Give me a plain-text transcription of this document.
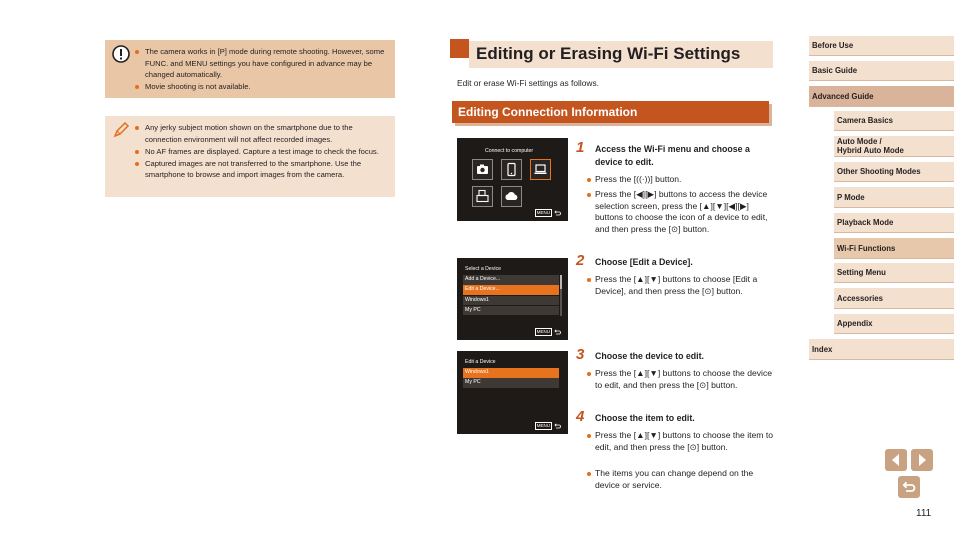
The camera works in [P] mode during remote shooting. However, some FUNC. and MENU settings you have configured in advance may be changed automatically.
Movie shooting is not available.
Any jerky subject motion shown on the smartphone due to the connection environment will not affect recorded images.
No AF frames are displayed. Capture a test image to check the focus.
Captured images are not transferred to the smartphone. Use the smartphone to browse and import images from the camera.
Editing or Erasing Wi-Fi Settings
Edit or erase Wi-Fi settings as follows.
Editing Connection Information
Connect to computer
MENU
Select a Device
Add a Device...
Edit a Device...
Windows1
My PC
MENU
Edit a Device
Windows1
My PC
MENU
1 Access the Wi-Fi menu and choose a device to edit.
Press the [((·))] button.
Press the [◀][▶] buttons to access the device selection screen, press the [▲][▼][◀][▶] buttons to choose the icon of a device to edit, and then press the [⊙] button.
2 Choose [Edit a Device].
Press the [▲][▼] buttons to choose [Edit a Device], and then press the [⊙] button.
3 Choose the device to edit.
Press the [▲][▼] buttons to choose the device to edit, and then press the [⊙] button.
4 Choose the item to edit.
Press the [▲][▼] buttons to choose the item to edit, and then press the [⊙] button.
The items you can change depend on the device or service.
Before Use
Basic Guide
Advanced Guide
Camera Basics
Auto Mode /
Hybrid Auto Mode
Other Shooting Modes
P Mode
Playback Mode
Wi-Fi Functions
Setting Menu
Accessories
Appendix
Index
111
